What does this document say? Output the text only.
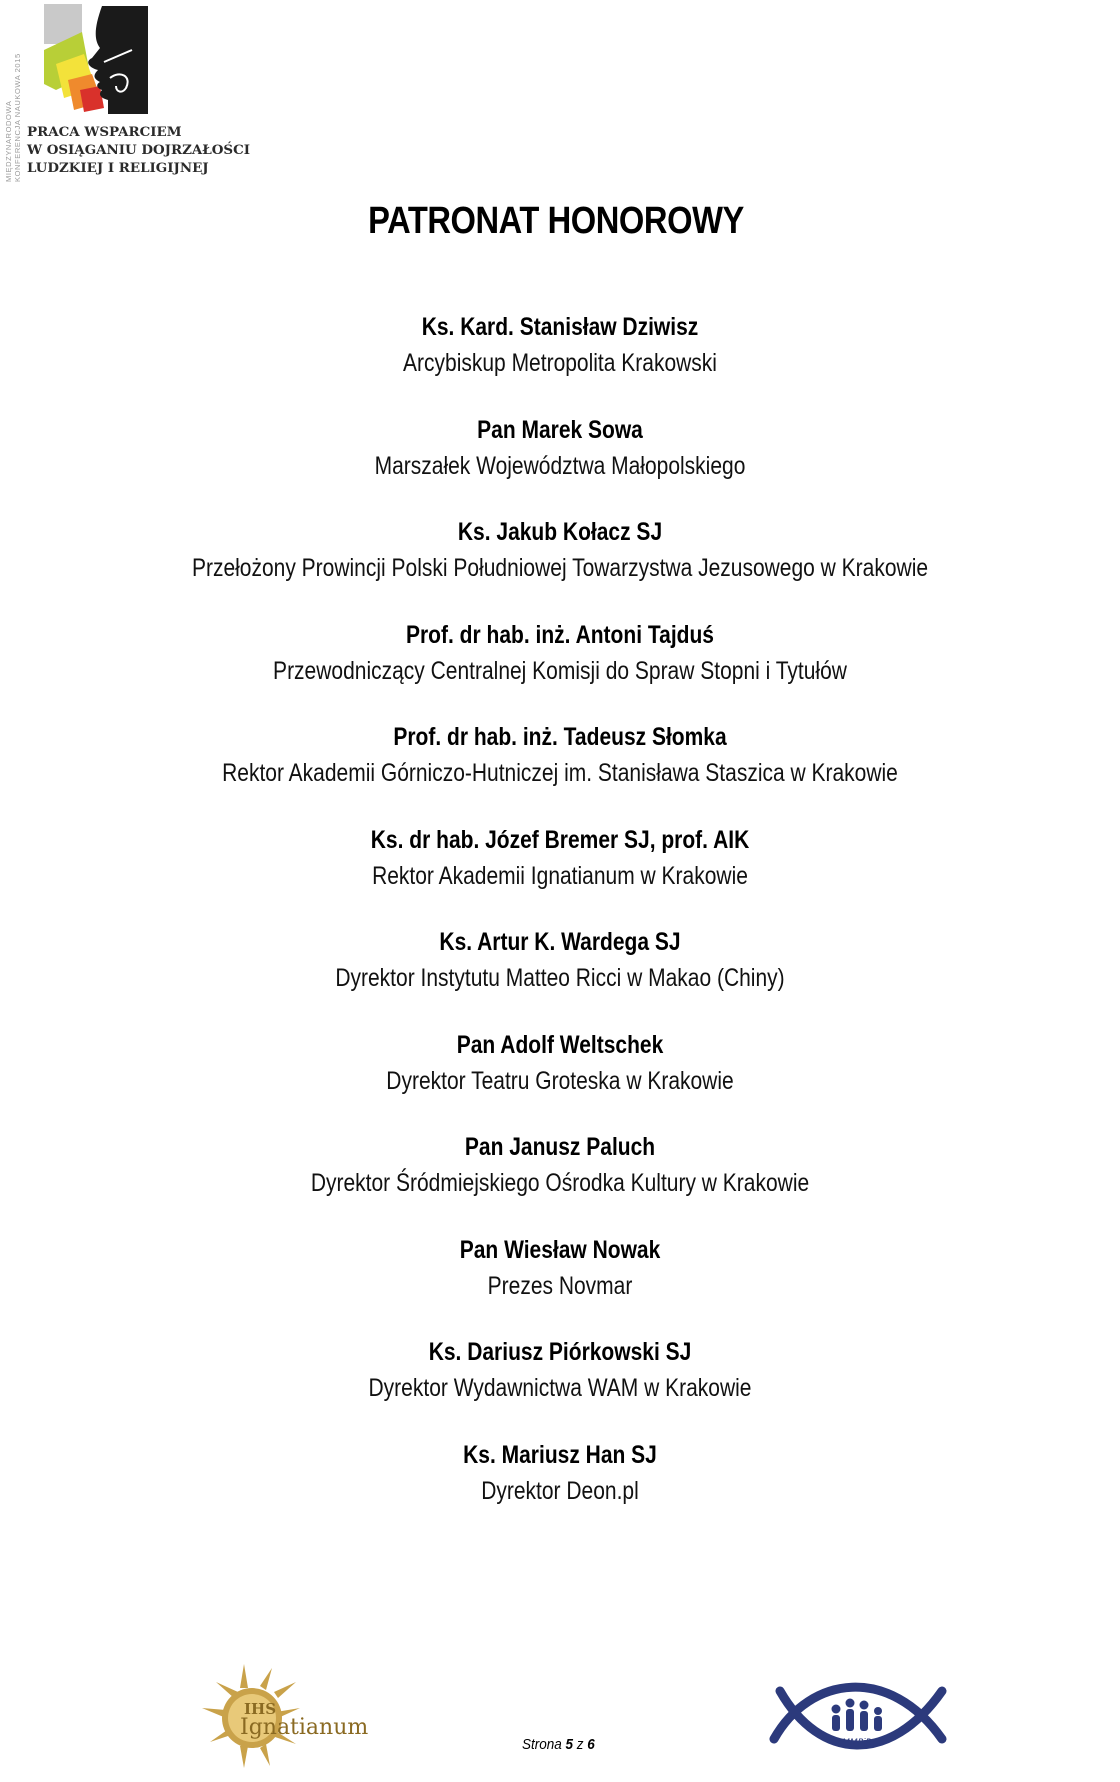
MIĘDZYNARODOWA KONFERENCJA NAUKOWA 2015 PRACA WSPARCIEM
W OSIĄGANIU DOJRZAŁOŚCI
LUDZKIEJ I RELIGIJNEJ
PATRONAT HONOROWY
Ks. Kard. Stanisław Dziwisz
Arcybiskup Metropolita Krakowski
Pan Marek Sowa
Marszałek Województwa Małopolskiego
Ks. Jakub Kołacz SJ
Przełożony Prowincji Polski Południowej Towarzystwa Jezusowego w Krakowie
Prof. dr hab. inż. Antoni Tajduś
Przewodniczący Centralnej Komisji do Spraw Stopni i Tytułów
Prof. dr hab. inż. Tadeusz Słomka
Rektor Akademii Górniczo-Hutniczej im. Stanisława Staszica w Krakowie
Ks. dr hab. Józef Bremer SJ, prof. AIK
Rektor Akademii Ignatianum w Krakowie
Ks. Artur K. Wardega SJ
Dyrektor Instytutu Matteo Ricci w Makao (Chiny)
Pan Adolf Weltschek
Dyrektor Teatru Groteska w Krakowie
Pan Janusz Paluch
Dyrektor Śródmiejskiego Ośrodka Kultury w Krakowie
Pan Wiesław Nowak
Prezes Novmar
Ks. Dariusz Piórkowski SJ
Dyrektor Wydawnictwa WAM w Krakowie
Ks. Mariusz Han SJ
Dyrektor Deon.pl
IHS
Ignatianum
Strona 5 z 6	ZMMPiR
